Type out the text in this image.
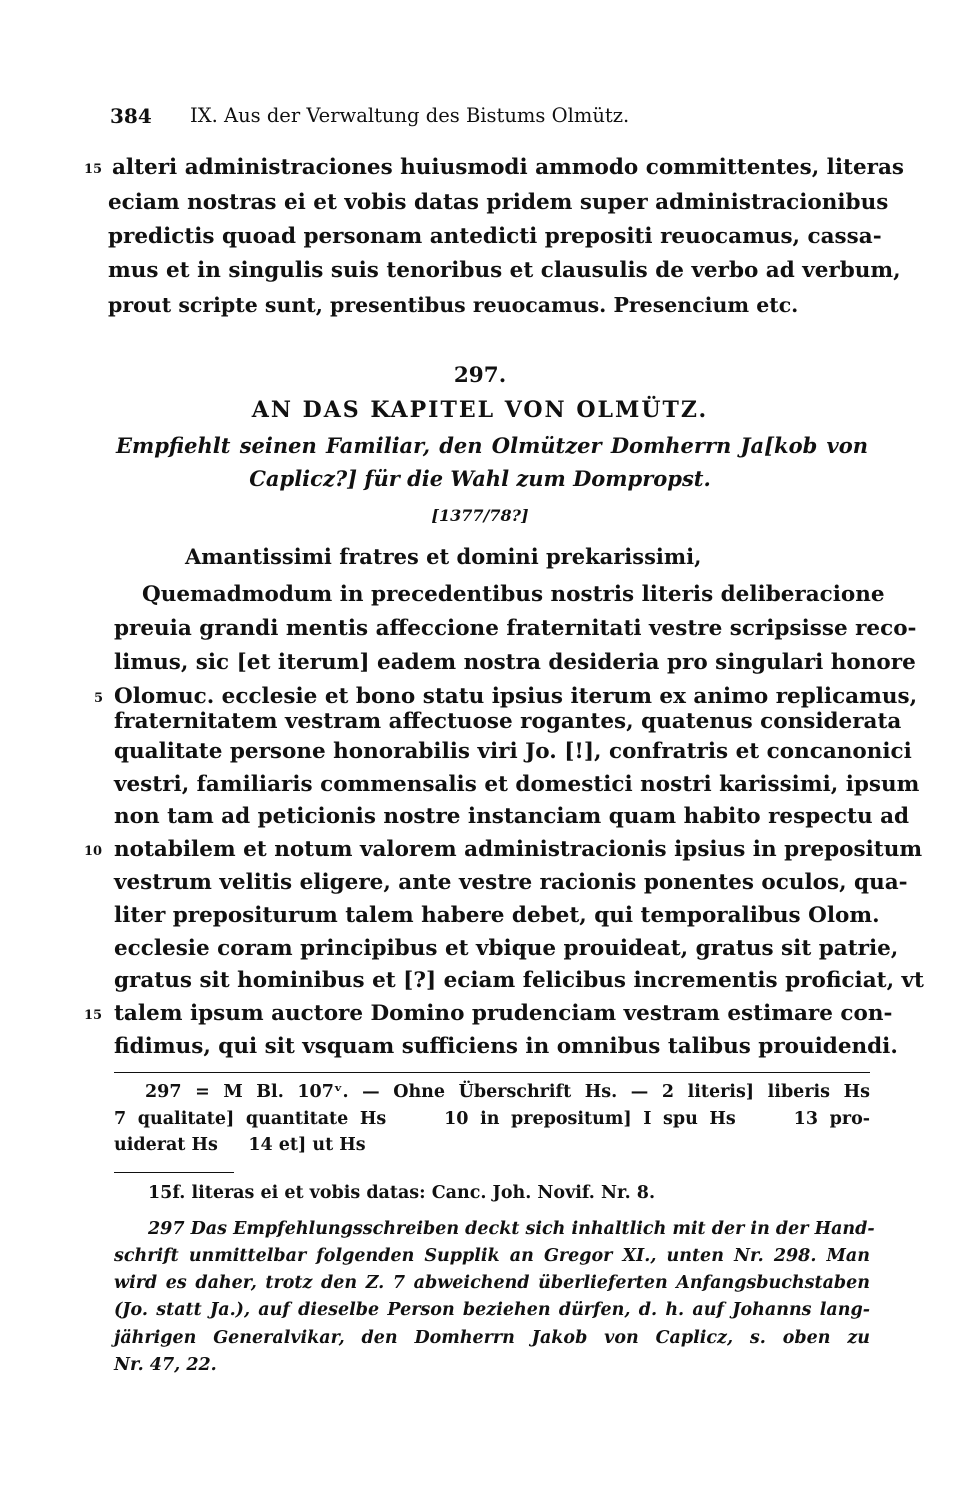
384 IX. Aus der Verwaltung des Bistums Olmütz.
15 alteri administraciones huiusmodi ammodo committentes, literas
eciam nostras ei et vobis datas pridem super administracionibus
predictis quoad personam antedicti prepositi reuocamus, cassa-
mus et in singulis suis tenoribus et clausulis de verbo ad verbum,
prout scripte sunt, presentibus reuocamus. Presencium etc.
297.
AN DAS KAPITEL VON OLMÜTZ.
Empfiehlt seinen Familiar, den Olmützer Domherrn Ja[kob von
Caplicz?] für die Wahl zum Dompropst.
[1377/78?]
Amantissimi fratres et domini prekarissimi,
Quemadmodum in precedentibus nostris literis deliberacione
preuia grandi mentis affeccione fraternitati vestre scripsisse reco-
limus, sic [et iterum] eadem nostra desideria pro singulari honore
5 Olomuc. ecclesie et bono statu ipsius iterum ex animo replicamus,
fraternitatem vestram affectuose rogantes, quatenus considerata
qualitate persone honorabilis viri Jo. [!], confratris et concanonici
vestri, familiaris commensalis et domestici nostri karissimi, ipsum
non tam ad peticionis nostre instanciam quam habito respectu ad
10 notabilem et notum valorem administracionis ipsius in prepositum
vestrum velitis eligere, ante vestre racionis ponentes oculos, qua-
liter prepositurum talem habere debet, qui temporalibus Olom.
ecclesie coram principibus et vbique prouideat, gratus sit patrie,
gratus sit hominibus et [?] eciam felicibus incrementis proficiat, vt
15 talem ipsum auctore Domino prudenciam vestram estimare con-
fidimus, qui sit vsquam sufficiens in omnibus talibus prouidendi.
297 = M Bl. 107ᵛ. — Ohne Überschrift Hs. — 2 literis] liberis Hs
7 qualitate] quantitate Hs     10 in prepositum] I spu Hs     13 pro-
uiderat Hs     14 et] ut Hs
15f. literas ei et vobis datas: Canc. Joh. Novif. Nr. 8.
297 Das Empfehlungsschreiben deckt sich inhaltlich mit der in der Hand-
schrift unmittelbar folgenden Supplik an Gregor XI., unten Nr. 298. Man
wird es daher, trotz den Z. 7 abweichend überlieferten Anfangsbuchstaben
(Jo. statt Ja.), auf dieselbe Person beziehen dürfen, d. h. auf Johanns lang-
jährigen Generalvikar, den Domherrn Jakob von Caplicz, s. oben zu
Nr. 47, 22.
